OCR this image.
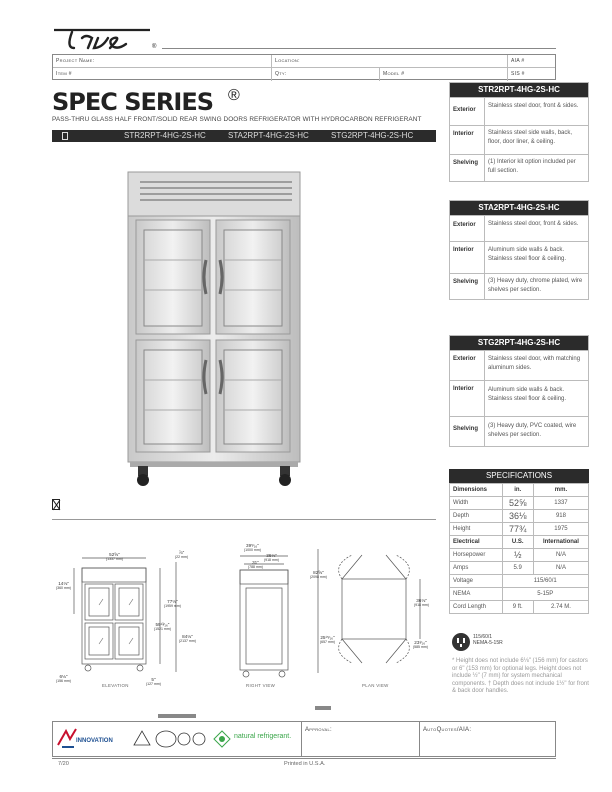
®
Project Name:	Location:	AIA #
Item #	Qty:	Model #	SIS #
SPEC SERIES ®
PASS-THRU GLASS HALF FRONT/SOLID REAR SWING DOORS REFRIGERATOR WITH HYDROCARBON REFRIGERANT
STR2RPT-4HG-2S-HC	STA2RPT-4HG-2S-HC	STG2RPT-4HG-2S-HC
STR2RPT-4HG-2S-HC
Exterior
Stainless steel door, front & sides.
Interior Stainless steel side walls, back, floor, door liner, & ceiling.
Shelving (1) Interior kit option included per full section.
STA2RPT-4HG-2S-HC
Exterior Stainless steel door, front & sides.
Interior Aluminum side walls & back. Stainless steel floor & ceiling.
Shelving (3) Heavy duty, chrome plated, wire shelves per section.
STG2RPT-4HG-2S-HC
Exterior Stainless steel door, with matching aluminum sides.
Interior Aluminum side walls & back. Stainless steel floor & ceiling.
Shelving (3) Heavy duty, PVC coated, wire shelves per section.
SPECIFICATIONS
Dimensions	in.	mm.
Width	52⅝	1337
Depth	36⅛	918
Height	77¾	1975
Electrical	U.S.	International
Horsepower	½	N/A
Amps	5.9	N/A
Voltage	115/60/1	
NEMA	5-15P	
Cord Length	9 ft.	2.74 M.
115/60/1
NEMA-5-15R
* Height does not include 6⅛" (156 mm) for castors or 6" (153 mm) for optional legs. Height does not include ½" (7 mm) for system mechanical components. † Depth does not include 1½" for front & back door handles.
52⅝"
(1337 mm)
⅞"
(22 mm)
14⅛"
(360 mm)
77⅛"
(1959 mm)
59¹³⁄₁₆"
(1521 mm)
84⅛"
(2137 mm)
6⅛"
(156 mm)	5"
(127 mm)
ELEVATION
39⁵⁄₁₆"
(1000 mm)
36⅛"
(918 mm)
31"
(788 mm)
RIGHT VIEW
82⅝"
(2098 mm)
25¹⁵⁄₁₆"
(657 mm)
36⅛"
(918 mm)
23¹⁄₁₆"
(585 mm)
PLAN VIEW
Approval:	AutoQuotes/AIA:
INNOVATION
natural refrigerant.
7/20	Printed in U.S.A.
